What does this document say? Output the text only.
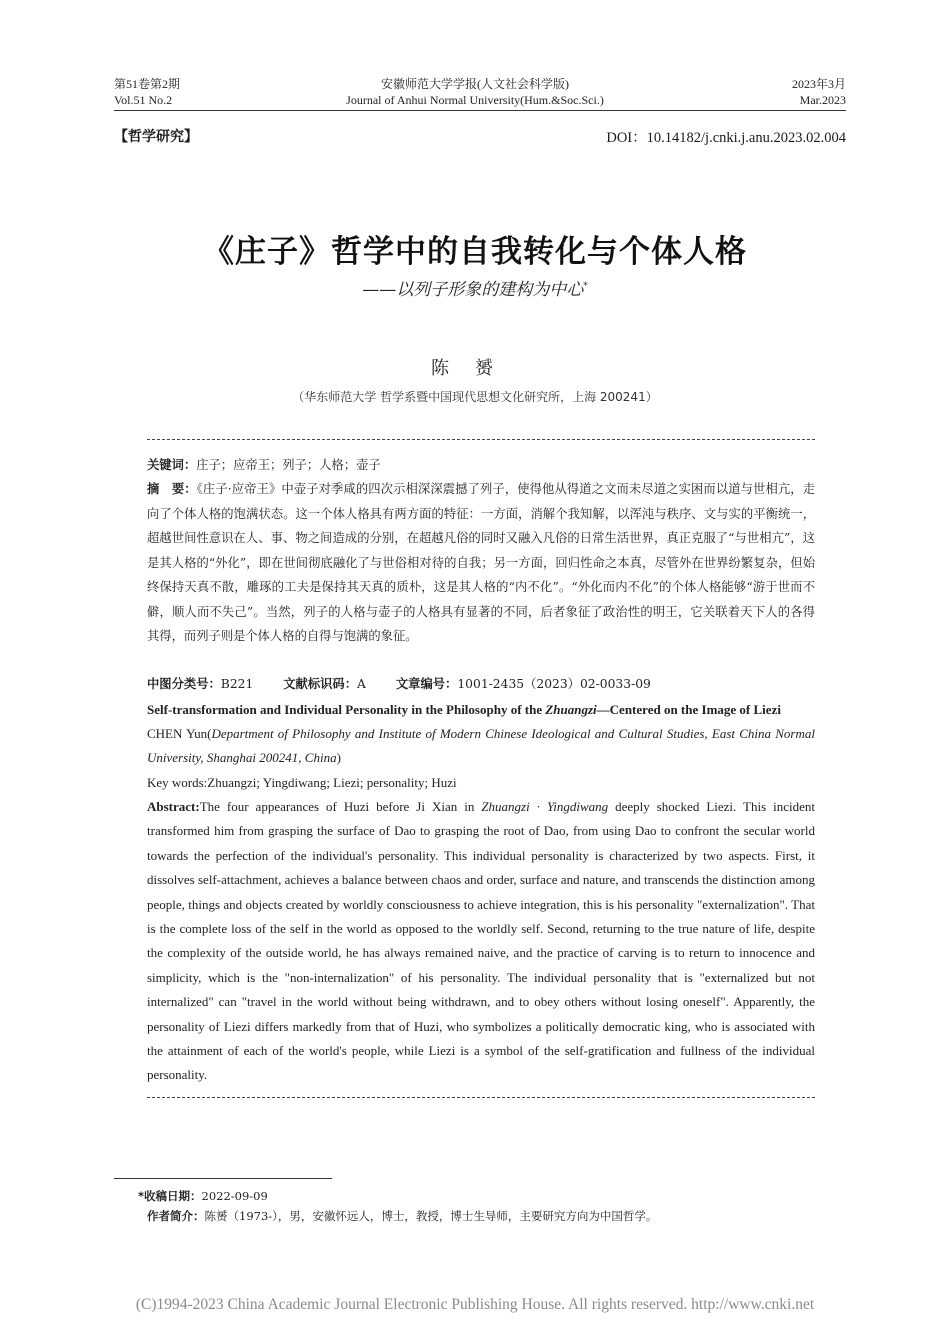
第51卷第2期
Vol.51 No.2
安徽师范大学学报(人文社会科学版)
Journal of Anhui Normal University(Hum.&Soc.Sci.)
2023年3月
Mar.2023
【哲学研究】	DOI：10.14182/j.cnki.j.anu.2023.02.004
《庄子》哲学中的自我转化与个体人格
——以列子形象的建构为中心*
陈赟
（华东师范大学 哲学系暨中国现代思想文化研究所，上海 200241）
关键词：庄子；应帝王；列子；人格；壶子
摘　要：《庄子·应帝王》中壶子对季咸的四次示相深深震撼了列子，使得他从得道之文而未尽道之实困而以道与世相亢，走向了个体人格的饱满状态。这一个体人格具有两方面的特征：一方面，消解个我知解，以浑沌与秩序、文与实的平衡统一，超越世间性意识在人、事、物之间造成的分别，在超越凡俗的同时又融入凡俗的日常生活世界，真正克服了“与世相亢”，这是其人格的“外化”，即在世间彻底融化了与世俗相对待的自我；另一方面，回归性命之本真，尽管外在世界纷繁复杂，但始终保持天真不散，雕琢的工夫是保持其天真的质朴，这是其人格的“内不化”。“外化而内不化”的个体人格能够“游于世而不僻，顺人而不失己”。当然，列子的人格与壶子的人格具有显著的不同，后者象征了政治性的明王，它关联着天下人的各得其得，而列子则是个体人格的自得与饱满的象征。
中图分类号：B221 文献标识码：A 文章编号：1001-2435（2023）02-0033-09
Self-transformation and Individual Personality in the Philosophy of the Zhuangzi—Centered on the Image of Liezi
CHEN Yun(Department of Philosophy and Institute of Modern Chinese Ideological and Cultural Studies, East China Normal University, Shanghai 200241, China)
Key words:Zhuangzi; Yingdiwang; Liezi; personality; Huzi
Abstract:The four appearances of Huzi before Ji Xian in Zhuangzi · Yingdiwang deeply shocked Liezi. This incident transformed him from grasping the surface of Dao to grasping the root of Dao, from using Dao to confront the secular world towards the perfection of the individual's personality. This individual personality is characterized by two aspects. First, it dissolves self-attachment, achieves a balance between chaos and order, surface and nature, and transcends the distinction among people, things and objects created by worldly consciousness to achieve integration, this is his personality "externalization". That is the complete loss of the self in the world as opposed to the worldly self. Second, returning to the true nature of life, despite the complexity of the outside world, he has always remained naive, and the practice of carving is to return to innocence and simplicity, which is the "non-internalization" of his personality. The individual personality that is "externalized but not internalized" can "travel in the world without being withdrawn, and to obey others without losing oneself". Apparently, the personality of Liezi differs markedly from that of Huzi, who symbolizes a politically democratic king, who is associated with the attainment of each of the world's people, while Liezi is a symbol of the self-gratification and fullness of the individual personality.
*收稿日期：2022-09-09
作者简介：陈赟（1973-），男，安徽怀远人，博士，教授，博士生导师，主要研究方向为中国哲学。
(C)1994-2023 China Academic Journal Electronic Publishing House. All rights reserved. http://www.cnki.net
